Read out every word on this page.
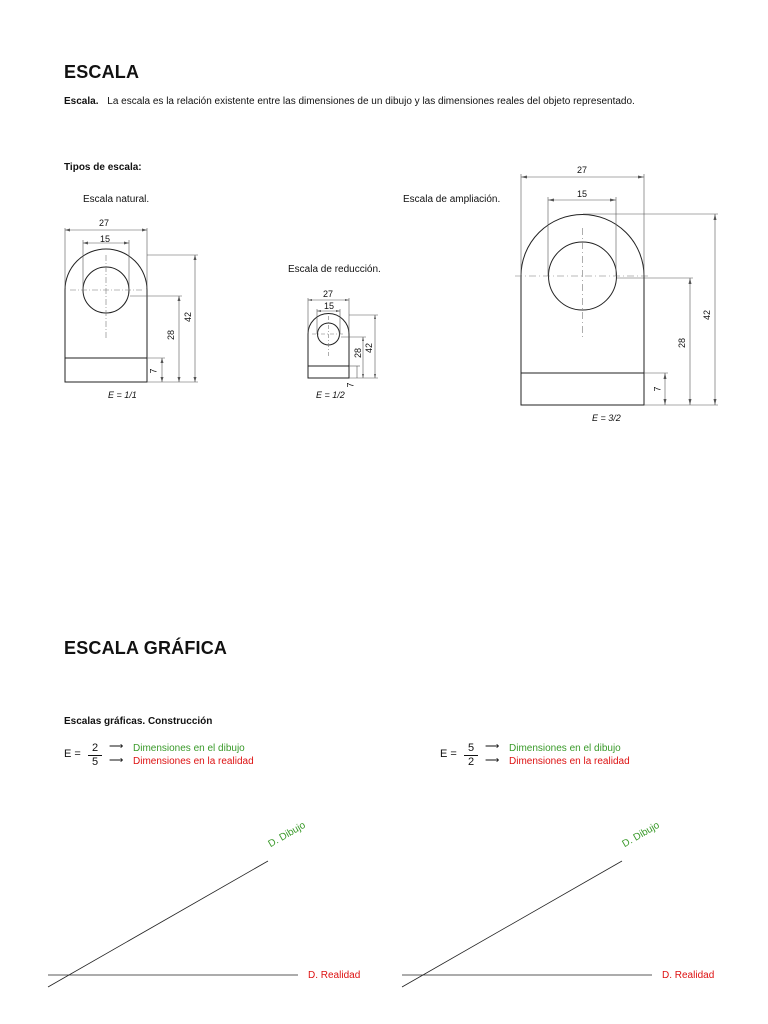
ESCALA
Escala. La escala es la relación existente entre las dimensiones de un dibujo y las dimensiones reales del objeto representado.
Tipos de escala:
Escala natural.
Escala de reducción.
Escala de ampliación.
27
15
42
28
7
E = 1/1
27
15
42
28
7
E = 1/2
27
15
42
28
7
E = 3/2
ESCALA GRÁFICA
Escalas gráficas. Construcción
E =	2
5
⟶
⟶
Dimensiones en el dibujo
Dimensiones en la realidad
E =	5
2
⟶
⟶
Dimensiones en el dibujo
Dimensiones en la realidad
D. Dibujo
D. Realidad
D. Dibujo
D. Realidad
